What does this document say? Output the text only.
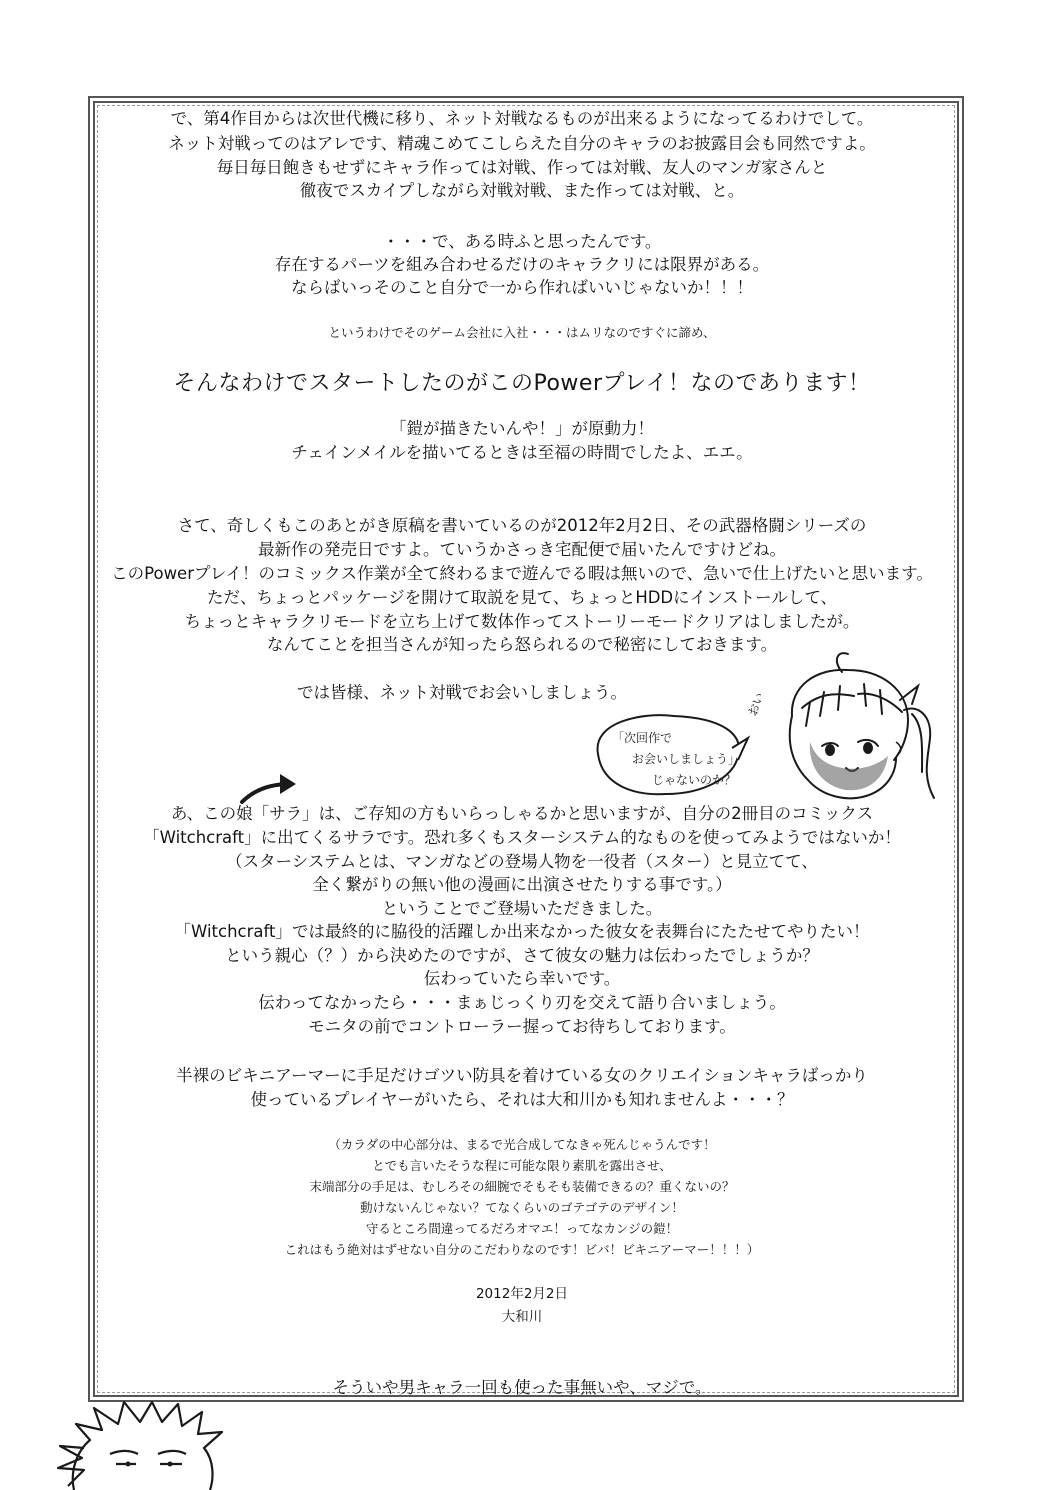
で、第4作目からは次世代機に移り、ネット対戦なるものが出来るようになってるわけでして。
ネット対戦ってのはアレです、精魂こめてこしらえた自分のキャラのお披露目会も同然ですよ。
毎日毎日飽きもせずにキャラ作っては対戦、作っては対戦、友人のマンガ家さんと
徹夜でスカイプしながら対戦対戦、また作っては対戦、と。
・・・で、ある時ふと思ったんです。
存在するパーツを組み合わせるだけのキャラクリには限界がある。
ならばいっそのこと自分で一から作ればいいじゃないか！！！
というわけでそのゲーム会社に入社・・・はムリなのですぐに諦め、
そんなわけでスタートしたのがこのPowerプレイ！なのであります！
「鎧が描きたいんや！」が原動力！
チェインメイルを描いてるときは至福の時間でしたよ、エエ。
さて、奇しくもこのあとがき原稿を書いているのが2012年2月2日、その武器格闘シリーズの
最新作の発売日ですよ。ていうかさっき宅配便で届いたんですけどね。
このPowerプレイ！のコミックス作業が全て終わるまで遊んでる暇は無いので、急いで仕上げたいと思います。
ただ、ちょっとパッケージを開けて取説を見て、ちょっとHDDにインストールして、
ちょっとキャラクリモードを立ち上げて数体作ってストーリーモードクリアはしましたが。
なんてことを担当さんが知ったら怒られるので秘密にしておきます。
では皆様、ネット対戦でお会いしましょう。
「次回作で
お会いしましょう」
じゃないのか？
おい
あ、この娘「サラ」は、ご存知の方もいらっしゃるかと思いますが、自分の2冊目のコミックス
「Witchcraft」に出てくるサラです。恐れ多くもスターシステム的なものを使ってみようではないか！
（スターシステムとは、マンガなどの登場人物を一役者（スター）と見立てて、
全く繋がりの無い他の漫画に出演させたりする事です。）
ということでご登場いただきました。
「Witchcraft」では最終的に脇役的活躍しか出来なかった彼女を表舞台にたたせてやりたい！
という親心（？）から決めたのですが、さて彼女の魅力は伝わったでしょうか？
伝わっていたら幸いです。
伝わってなかったら・・・まぁじっくり刃を交えて語り合いましょう。
モニタの前でコントローラー握ってお待ちしております。
半裸のビキニアーマーに手足だけゴツい防具を着けている女のクリエイションキャラばっかり
使っているプレイヤーがいたら、それは大和川かも知れませんよ・・・？
（カラダの中心部分は、まるで光合成してなきゃ死んじゃうんです！
とでも言いたそうな程に可能な限り素肌を露出させ、
末端部分の手足は、むしろその細腕でそもそも装備できるの？重くないの？
動けないんじゃない？てなくらいのゴテゴテのデザイン！
守るところ間違ってるだろオマエ！ってなカンジの鎧！
これはもう絶対はずせない自分のこだわりなのです！ビバ！ビキニアーマー！！！）
2012年2月2日
大和川
そういや男キャラ一回も使った事無いや、マジで。
